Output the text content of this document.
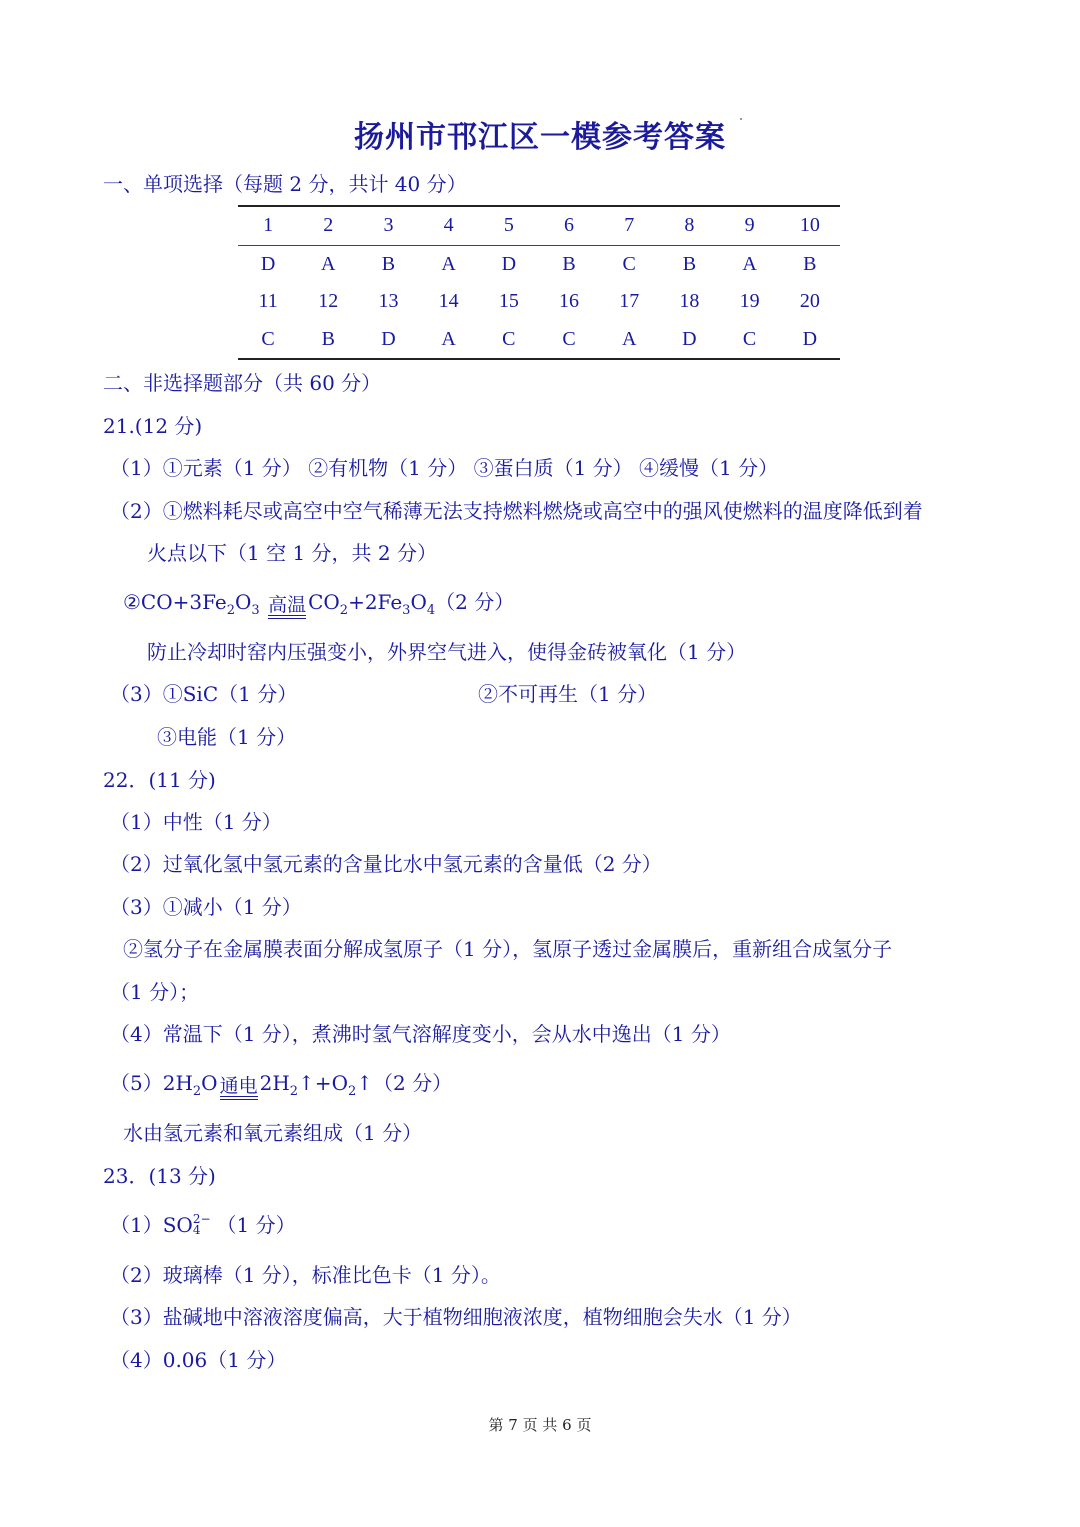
扬州市邗江区一模参考答案
一、单项选择（每题 2 分，共计 40 分）
1	2	3	4	5	6	7	8	9	10
D	A	B	A	D	B	C	B	A	B
11	12	13	14	15	16	17	18	19	20
C	B	D	A	C	C	A	D	C	D
二、非选择题部分（共 60 分）
21.(12 分)
（1）①元素（1 分） ②有机物（1 分） ③蛋白质（1 分） ④缓慢（1 分）
（2）①燃料耗尽或高空中空气稀薄无法支持燃料燃烧或高空中的强风使燃料的温度降低到着
火点以下（1 空 1 分，共 2 分）
$②CO+3Fe_2O_3$ 高温 $CO_2+2Fe_3O_4(2$ 分）
防止冷却时窑内压强变小，外界空气进入，使得金砖被氧化（1 分）
（3）①SiC（1 分）	②不可再生（1 分）
③电能（1 分）
22．(11 分)
（1）中性（1 分）
（2）过氧化氢中氢元素的含量比水中氢元素的含量低（2 分）
（3）①减小（1 分）
②氢分子在金属膜表面分解成氢原子（1 分），氢原子透过金属膜后，重新组合成氢分子
（1 分）；
（4）常温下（1 分），煮沸时氢气溶解度变小，会从水中逸出（1 分）
$(5)2H_2O$ 通电 $2H_2↑+O_2↑(2$ 分）
水由氢元素和氧元素组成（1 分）
23．(13 分)
（1）SO 2−
4 （1 分）
（2）玻璃棒（1 分），标准比色卡（1 分）。
（3）盐碱地中溶液溶度偏高，大于植物细胞液浓度，植物细胞会失水（1 分）
（4）0.06（1 分）
第 7 页 共 6 页
